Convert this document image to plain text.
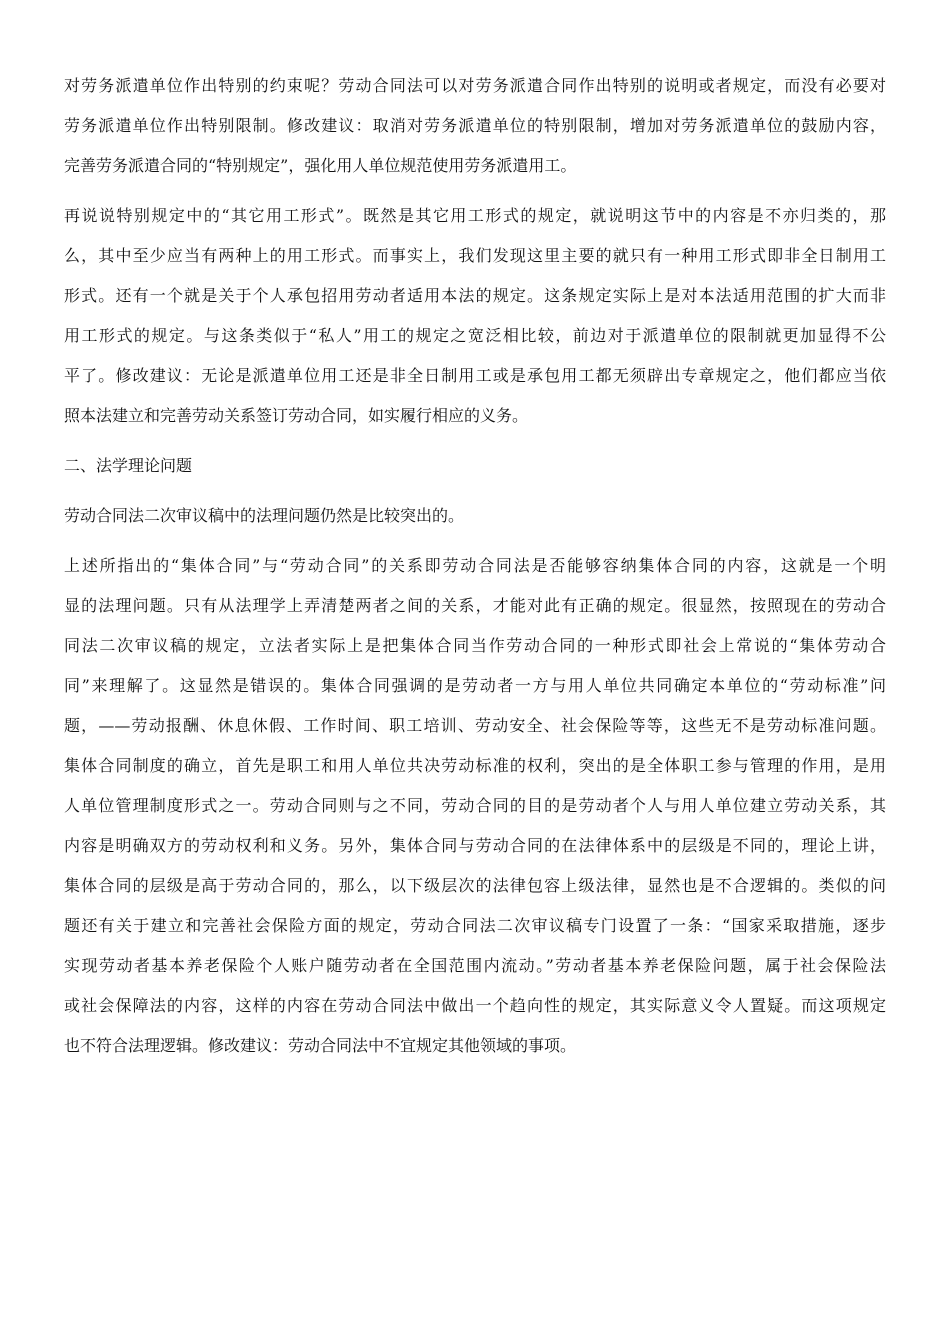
对劳务派遣单位作出特别的约束呢？劳动合同法可以对劳务派遣合同作出特别的说明或者规定，而没有必要对
劳务派遣单位作出特别限制。修改建议：取消对劳务派遣单位的特别限制，增加对劳务派遣单位的鼓励内容，
完善劳务派遣合同的“特别规定”，强化用人单位规范使用劳务派遣用工。
再说说特别规定中的“其它用工形式”。既然是其它用工形式的规定，就说明这节中的内容是不亦归类的，那
么，其中至少应当有两种上的用工形式。而事实上，我们发现这里主要的就只有一种用工形式即非全日制用工
形式。还有一个就是关于个人承包招用劳动者适用本法的规定。这条规定实际上是对本法适用范围的扩大而非
用工形式的规定。与这条类似于“私人”用工的规定之宽泛相比较，前边对于派遣单位的限制就更加显得不公
平了。修改建议：无论是派遣单位用工还是非全日制用工或是承包用工都无须辟出专章规定之，他们都应当依
照本法建立和完善劳动关系签订劳动合同，如实履行相应的义务。
二、法学理论问题
劳动合同法二次审议稿中的法理问题仍然是比较突出的。
上述所指出的“集体合同”与“劳动合同”的关系即劳动合同法是否能够容纳集体合同的内容，这就是一个明
显的法理问题。只有从法理学上弄清楚两者之间的关系，才能对此有正确的规定。很显然，按照现在的劳动合
同法二次审议稿的规定，立法者实际上是把集体合同当作劳动合同的一种形式即社会上常说的“集体劳动合
同”来理解了。这显然是错误的。集体合同强调的是劳动者一方与用人单位共同确定本单位的“劳动标准”问
题，——劳动报酬、休息休假、工作时间、职工培训、劳动安全、社会保险等等，这些无不是劳动标准问题。
集体合同制度的确立，首先是职工和用人单位共决劳动标准的权利，突出的是全体职工参与管理的作用，是用
人单位管理制度形式之一。劳动合同则与之不同，劳动合同的目的是劳动者个人与用人单位建立劳动关系，其
内容是明确双方的劳动权利和义务。另外，集体合同与劳动合同的在法律体系中的层级是不同的，理论上讲，
集体合同的层级是高于劳动合同的，那么，以下级层次的法律包容上级法律，显然也是不合逻辑的。类似的问
题还有关于建立和完善社会保险方面的规定，劳动合同法二次审议稿专门设置了一条：“国家采取措施，逐步
实现劳动者基本养老保险个人账户随劳动者在全国范围内流动。”劳动者基本养老保险问题，属于社会保险法
或社会保障法的内容，这样的内容在劳动合同法中做出一个趋向性的规定，其实际意义令人置疑。而这项规定
也不符合法理逻辑。修改建议：劳动合同法中不宜规定其他领域的事项。
